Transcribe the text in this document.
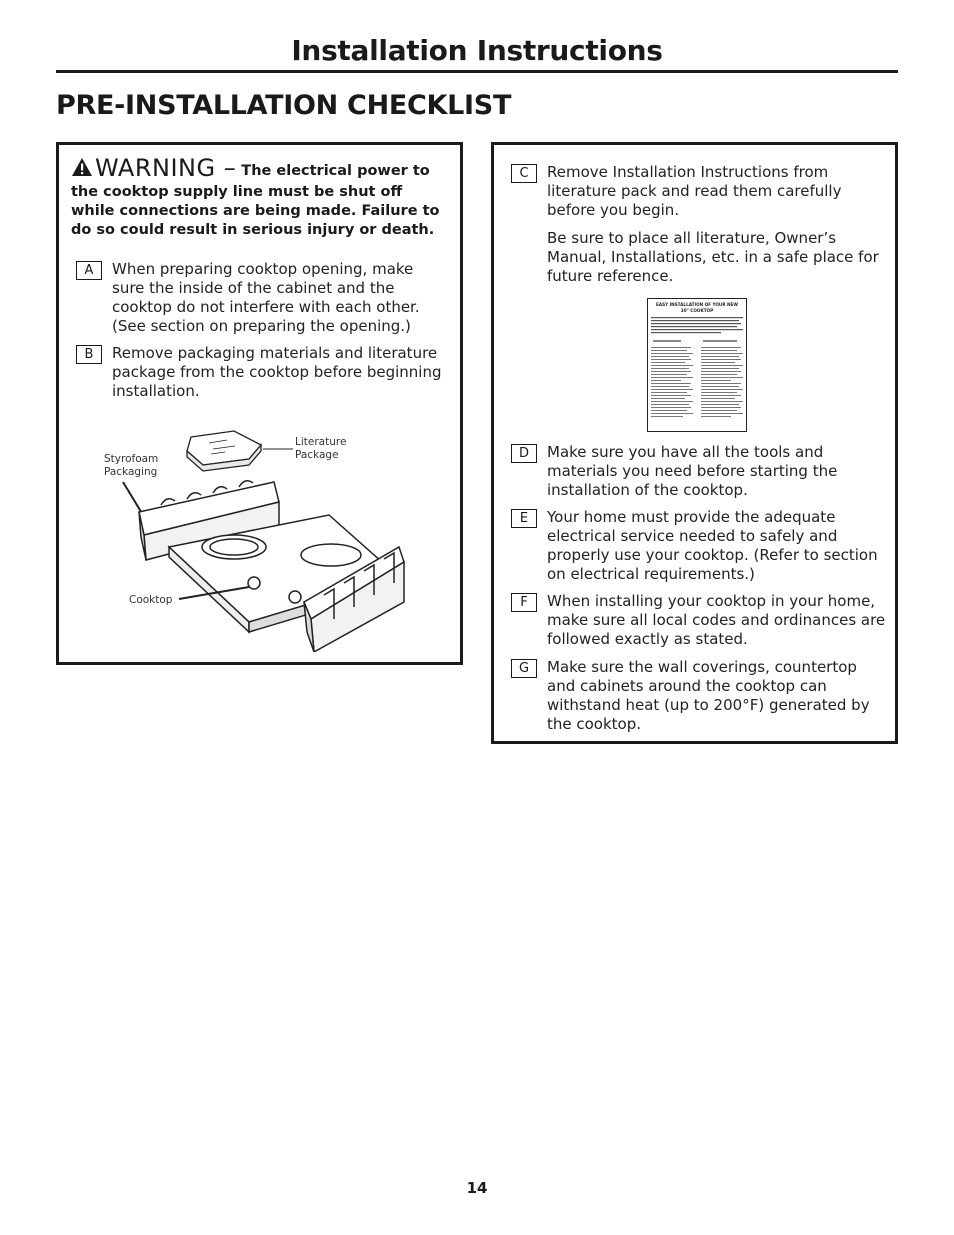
Installation Instructions
PRE-INSTALLATION CHECKLIST
WARNING – The electrical power to the cooktop supply line must be shut off while connections are being made. Failure to do so could result in serious injury or death.
A	When preparing cooktop opening, make sure the inside of the cabinet and the cooktop do not interfere with each other. (See section on preparing the opening.)
B	Remove packaging materials and literature package from the cooktop before beginning installation.
Literature
Package
Styrofoam
Packaging
Cooktop
C	Remove Installation Instructions from literature pack and read them carefully before you begin.

Be sure to place all literature, Owner’s Manual, Installations, etc. in a safe place for future reference.

EASY INSTALLATION OF YOUR NEW
30" COOKTOP
D	Make sure you have all the tools and materials you need before starting the installation of the cooktop.
E	Your home must provide the adequate electrical service needed to safely and properly use your cooktop. (Refer to section on electrical requirements.)
F	When installing your cooktop in your home, make sure all local codes and ordinances are followed exactly as stated.
G	Make sure the wall coverings, countertop and cabinets around the cooktop can withstand heat (up to 200°F) generated by the cooktop.
14
